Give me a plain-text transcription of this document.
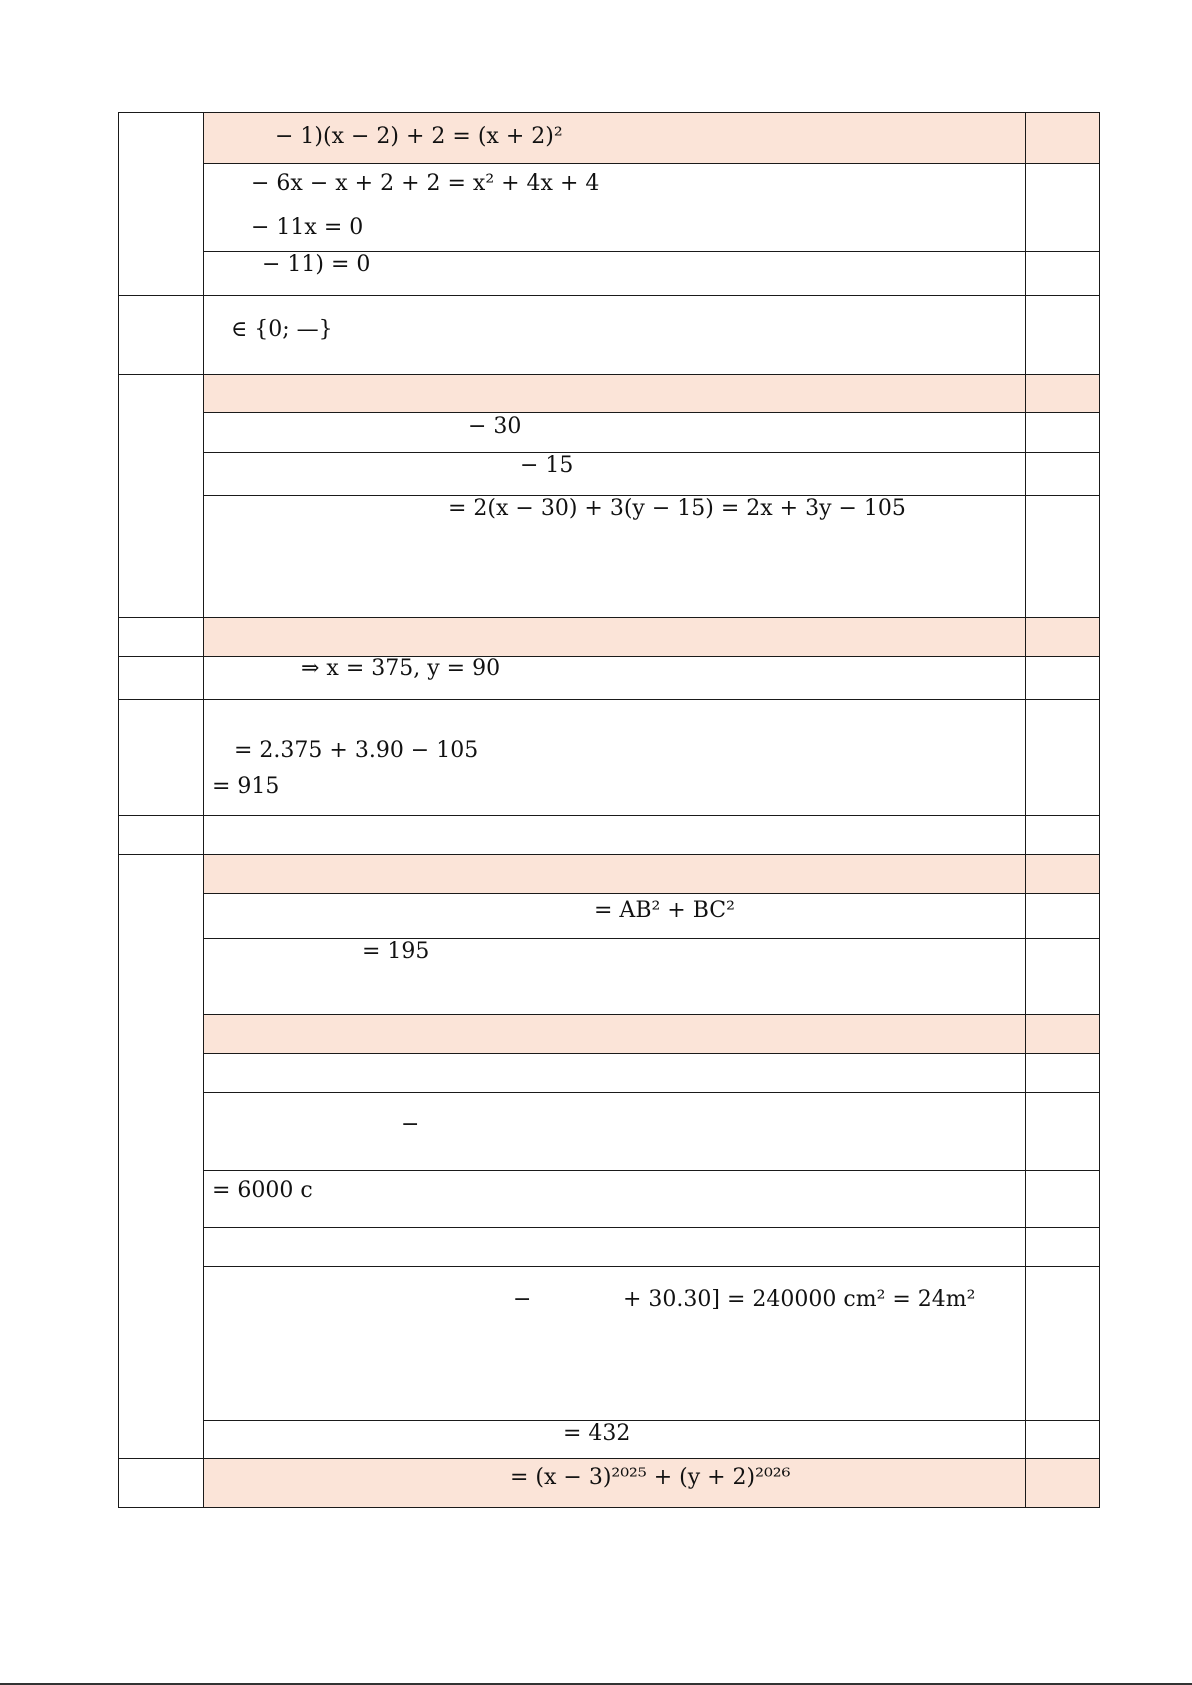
− 1)(x − 2) + 2 = (x + 2)²
− 6x − x + 2 + 2 = x² + 4x + 4
− 11x = 0
− 11) = 0
∈ {0; —}
− 30
− 15
= 2(x − 30) + 3(y − 15) = 2x + 3y − 105
⇒ x = 375, y = 90
= 2.375 + 3.90 − 105
= 915
= AB² + BC²
= 195
−
= 6000 c
−	+ 30.30] = 240000 cm² = 24m²
= 432
= (x − 3)²⁰²⁵ + (y + 2)²⁰²⁶
